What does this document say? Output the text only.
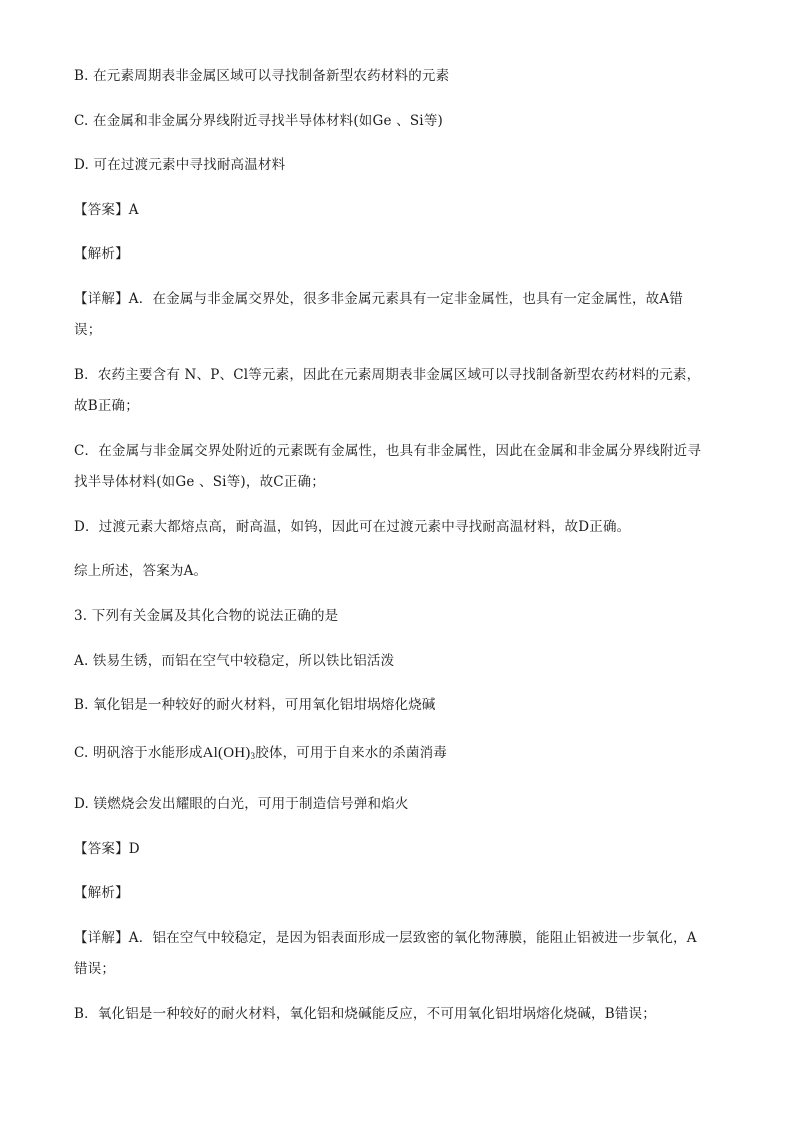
B. 在元素周期表非金属区域可以寻找制备新型农药材料的元素
C. 在金属和非金属分界线附近寻找半导体材料(如Ge 、Si等)
D. 可在过渡元素中寻找耐高温材料
【答案】A
【解析】
【详解】A．在金属与非金属交界处，很多非金属元素具有一定非金属性，也具有一定金属性，故A错
误；
B．农药主要含有 N、P、Cl等元素，因此在元素周期表非金属区域可以寻找制备新型农药材料的元素，
故B正确；
C．在金属与非金属交界处附近的元素既有金属性，也具有非金属性，因此在金属和非金属分界线附近寻
找半导体材料(如Ge 、Si等)，故C正确；
D．过渡元素大都熔点高，耐高温，如钨，因此可在过渡元素中寻找耐高温材料，故D正确。
综上所述，答案为A。
3. 下列有关金属及其化合物的说法正确的是
A. 铁易生锈，而铝在空气中较稳定，所以铁比铝活泼
B. 氧化铝是一种较好的耐火材料，可用氧化铝坩埚熔化烧碱
C. 明矾溶于水能形成$Al(OH)_3$胶体，可用于自来水的杀菌消毒
D. 镁燃烧会发出耀眼的白光，可用于制造信号弹和焰火
【答案】D
【解析】
【详解】A．铝在空气中较稳定，是因为铝表面形成一层致密的氧化物薄膜，能阻止铝被进一步氧化，A
错误；
B．氧化铝是一种较好的耐火材料，氧化铝和烧碱能反应，不可用氧化铝坩埚熔化烧碱，B错误；
